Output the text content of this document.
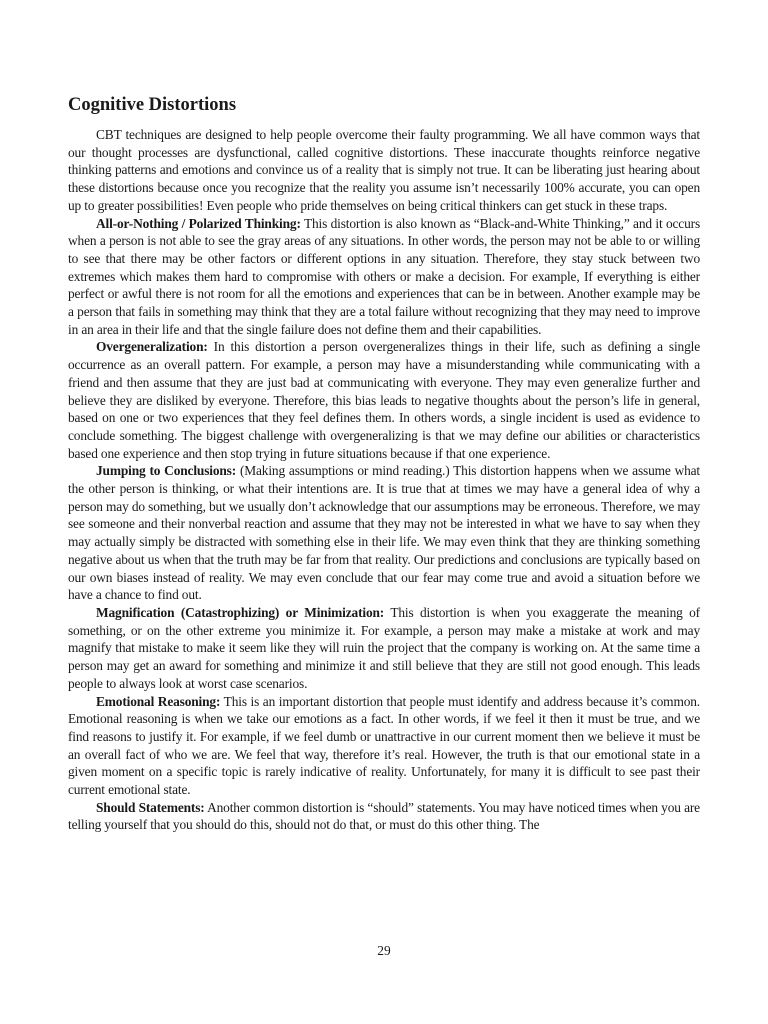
Cognitive Distortions

CBT techniques are designed to help people overcome their faulty programming. We all have common ways that our thought processes are dysfunctional, called cognitive distortions. These inaccurate thoughts reinforce negative thinking patterns and emotions and convince us of a reality that is simply not true. It can be liberating just hearing about these distortions because once you recognize that the reality you assume isn’t necessarily 100% accurate, you can open up to greater possibilities! Even people who pride themselves on being critical thinkers can get stuck in these traps.

All-or-Nothing / Polarized Thinking: This distortion is also known as “Black-and-White Thinking,” and it occurs when a person is not able to see the gray areas of any situations. In other words, the person may not be able to or willing to see that there may be other factors or different options in any situation. Therefore, they stay stuck between two extremes which makes them hard to compromise with others or make a decision. For example, If everything is either perfect or awful there is not room for all the emotions and experiences that can be in between. Another example may be a person that fails in something may think that they are a total failure without recognizing that they may need to improve in an area in their life and that the single failure does not define them and their capabilities.

Overgeneralization: In this distortion a person overgeneralizes things in their life, such as defining a single occurrence as an overall pattern. For example, a person may have a misunderstanding while communicating with a friend and then assume that they are just bad at communicating with everyone. They may even generalize further and believe they are disliked by everyone. Therefore, this bias leads to negative thoughts about the person’s life in general, based on one or two experiences that they feel defines them. In others words, a single incident is used as evidence to conclude something. The biggest challenge with overgeneralizing is that we may define our abilities or characteristics based one experience and then stop trying in future situations because if that one experience.

Jumping to Conclusions: (Making assumptions or mind reading.) This distortion happens when we assume what the other person is thinking, or what their intentions are. It is true that at times we may have a general idea of why a person may do something, but we usually don’t acknowledge that our assumptions may be erroneous. Therefore, we may see someone and their nonverbal reaction and assume that they may not be interested in what we have to say when they may actually simply be distracted with something else in their life. We may even think that they are thinking something negative about us when that the truth may be far from that reality. Our predictions and conclusions are typically based on our own biases instead of reality. We may even conclude that our fear may come true and avoid a situation before we have a chance to find out.

Magnification (Catastrophizing) or Minimization: This distortion is when you exaggerate the meaning of something, or on the other extreme you minimize it. For example, a person may make a mistake at work and may magnify that mistake to make it seem like they will ruin the project that the company is working on. At the same time a person may get an award for something and minimize it and still believe that they are still not good enough. This leads people to always look at worst case scenarios.

Emotional Reasoning: This is an important distortion that people must identify and address because it’s common. Emotional reasoning is when we take our emotions as a fact. In other words, if we feel it then it must be true, and we find reasons to justify it. For example, if we feel dumb or unattractive in our current moment then we believe it must be an overall fact of who we are. We feel that way, therefore it’s real. However, the truth is that our emotional state in a given moment on a specific topic is rarely indicative of reality. Unfortunately, for many it is difficult to see past their current emotional state.

Should Statements: Another common distortion is “should” statements. You may have noticed times when you are telling yourself that you should do this, should not do that, or must do this other thing. The

29
